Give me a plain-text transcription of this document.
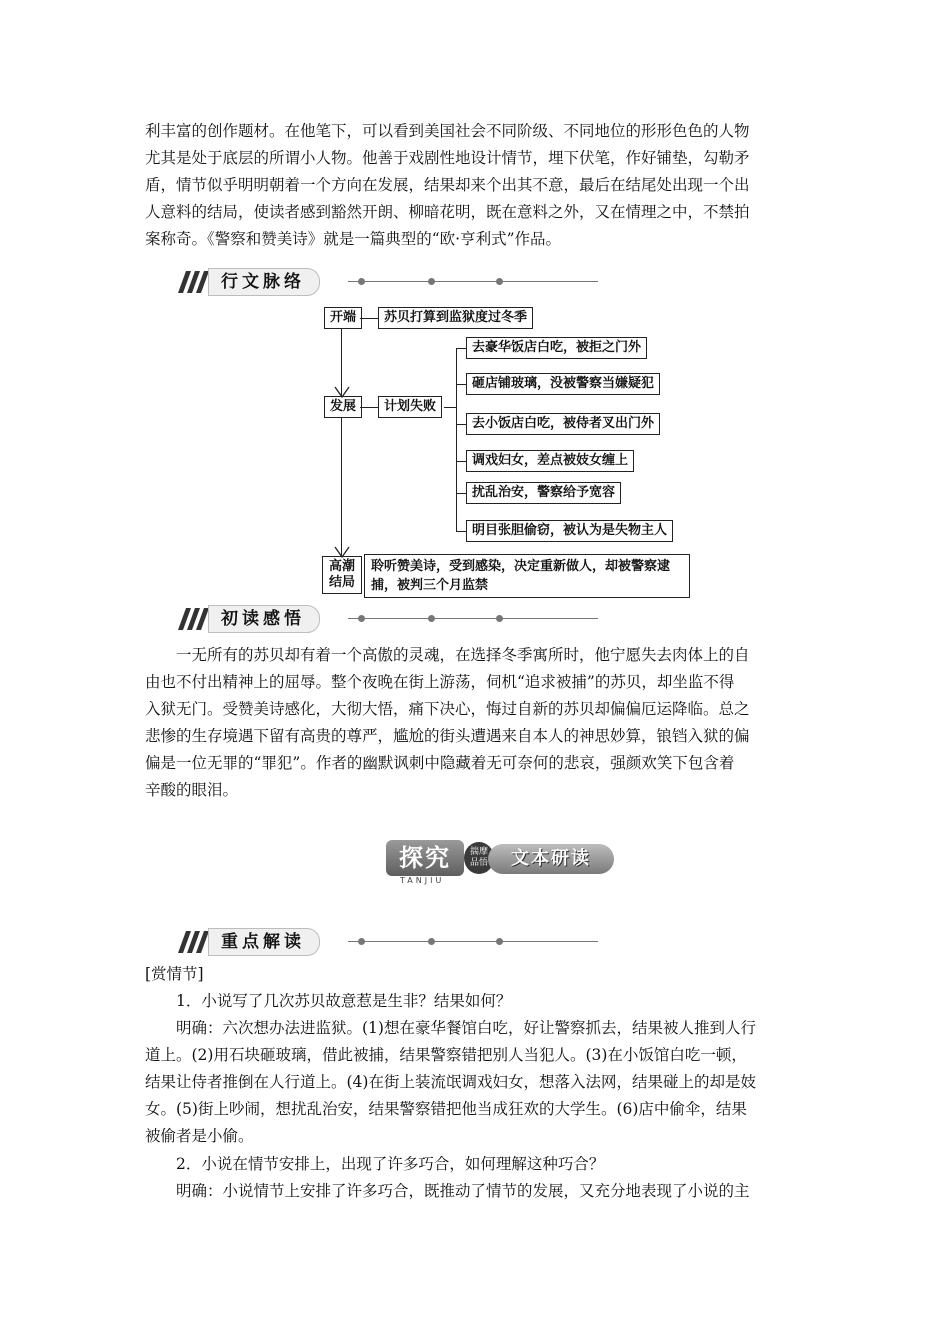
利丰富的创作题材。在他笔下，可以看到美国社会不同阶级、不同地位的形形色色的人物
尤其是处于底层的所谓小人物。他善于戏剧性地设计情节，埋下伏笔，作好铺垫，勾勒矛
盾，情节似乎明明朝着一个方向在发展，结果却来个出其不意，最后在结尾处出现一个出
人意料的结局，使读者感到豁然开朗、柳暗花明，既在意料之外，又在情理之中，不禁拍
案称奇。《警察和赞美诗》就是一篇典型的“欧·亨利式”作品。
行文脉络
开端
发展
高潮
结局
苏贝打算到监狱度过冬季
计划失败
去豪华饭店白吃，被拒之门外
砸店铺玻璃，没被警察当嫌疑犯
去小饭店白吃，被侍者叉出门外
调戏妇女，差点被妓女缠上
扰乱治安，警察给予宽容
明目张胆偷窃，被认为是失物主人
聆听赞美诗，受到感染，决定重新做人，却被警察逮
捕，被判三个月监禁
初读感悟
一无所有的苏贝却有着一个高傲的灵魂，在选择冬季寓所时，他宁愿失去肉体上的自
由也不付出精神上的屈辱。整个夜晚在街上游荡，伺机“追求被捕”的苏贝，却坐监不得
入狱无门。受赞美诗感化，大彻大悟，痛下决心，悔过自新的苏贝却偏偏厄运降临。总之
悲惨的生存境遇下留有高贵的尊严，尴尬的街头遭遇来自本人的神思妙算，锒铛入狱的偏
偏是一位无罪的“罪犯”。作者的幽默讽刺中隐藏着无可奈何的悲哀，强颜欢笑下包含着
辛酸的眼泪。
探究
TANJIU
揣摩
品悟	文本研读
重点解读
[赏情节]
1．小说写了几次苏贝故意惹是生非？结果如何？
明确：六次想办法进监狱。(1)想在豪华餐馆白吃，好让警察抓去，结果被人推到人行
道上。(2)用石块砸玻璃，借此被捕，结果警察错把别人当犯人。(3)在小饭馆白吃一顿，
结果让侍者推倒在人行道上。(4)在街上装流氓调戏妇女，想落入法网，结果碰上的却是妓
女。(5)街上吵闹，想扰乱治安，结果警察错把他当成狂欢的大学生。(6)店中偷伞，结果
被偷者是小偷。
2．小说在情节安排上，出现了许多巧合，如何理解这种巧合？
明确：小说情节上安排了许多巧合，既推动了情节的发展，又充分地表现了小说的主
